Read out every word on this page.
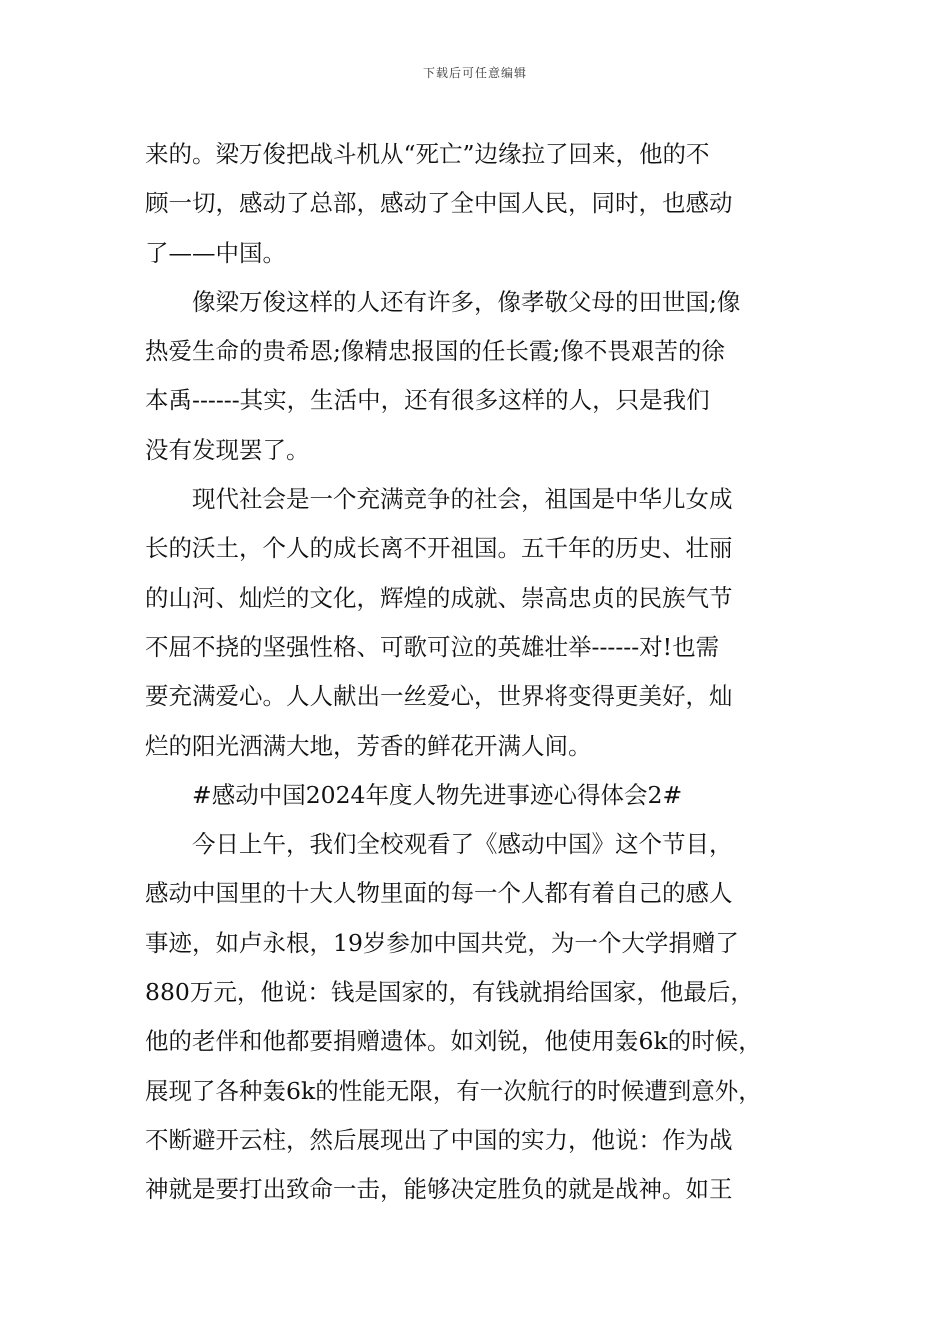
下载后可任意编辑

来的。梁万俊把战斗机从“死亡”边缘拉了回来，他的不

顾一切，感动了总部，感动了全中国人民，同时，也感动

了——中国。

像梁万俊这样的人还有许多，像孝敬父母的田世国;像

热爱生命的贵希恩;像精忠报国的任长霞;像不畏艰苦的徐

本禹------其实，生活中，还有很多这样的人，只是我们

没有发现罢了。

现代社会是一个充满竞争的社会，祖国是中华儿女成

长的沃土，个人的成长离不开祖国。五千年的历史、壮丽

的山河、灿烂的文化，辉煌的成就、崇高忠贞的民族气节

不屈不挠的坚强性格、可歌可泣的英雄壮举------对!也需

要充满爱心。人人献出一丝爱心，世界将变得更美好，灿

烂的阳光洒满大地，芳香的鲜花开满人间。

#感动中国2024年度人物先进事迹心得体会2#

今日上午，我们全校观看了《感动中国》这个节目，

感动中国里的十大人物里面的每一个人都有着自己的感人

事迹，如卢永根，19岁参加中国共党，为一个大学捐赠了

880万元，他说：钱是国家的，有钱就捐给国家，他最后，

他的老伴和他都要捐赠遗体。如刘锐，他使用轰6k的时候，

展现了各种轰6k的性能无限，有一次航行的时候遭到意外，

不断避开云柱，然后展现出了中国的实力，他说：作为战

神就是要打出致命一击，能够决定胜负的就是战神。如王
